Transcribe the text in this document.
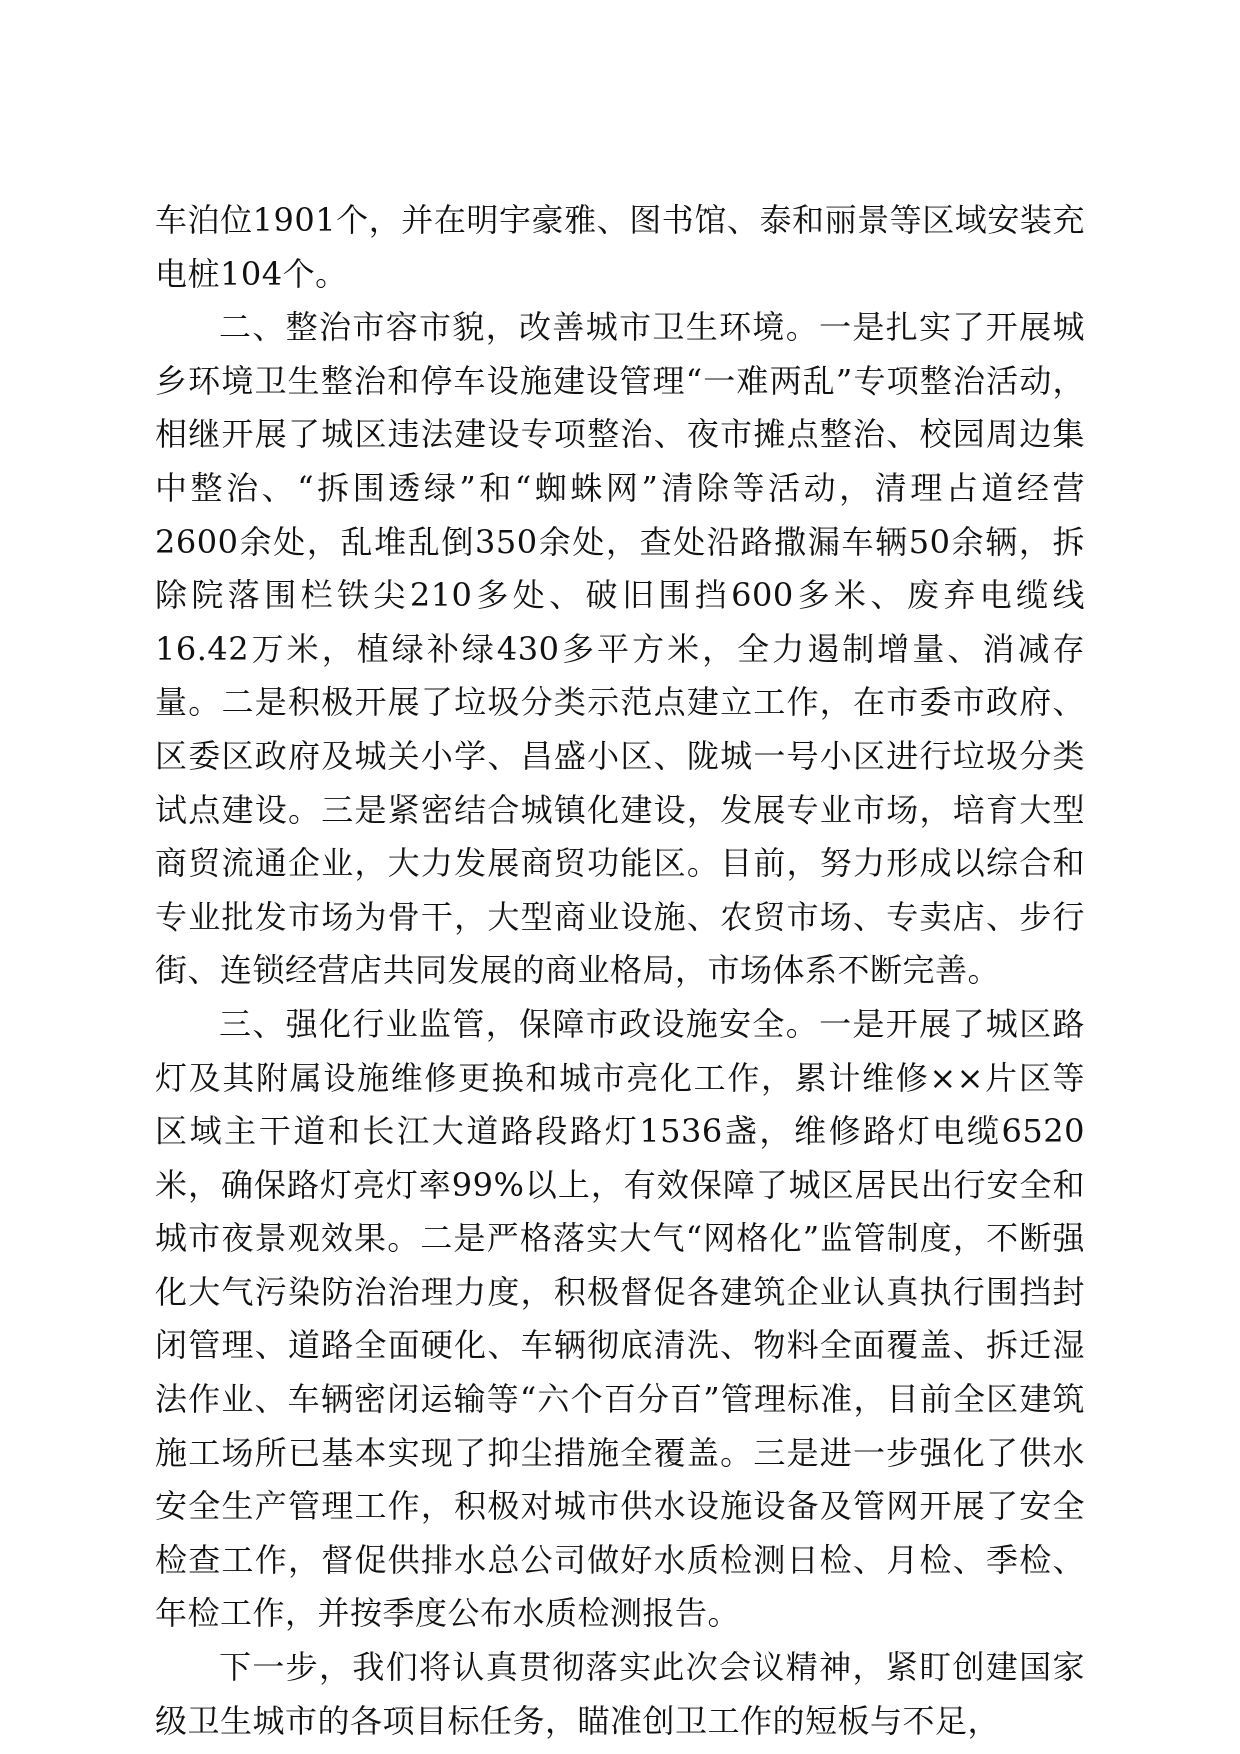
车泊位1901个，并在明宇豪雅、图书馆、泰和丽景等区域安装充电桩104个。

二、整治市容市貌，改善城市卫生环境。一是扎实了开展城乡环境卫生整治和停车设施建设管理“一难两乱”专项整治活动，相继开展了城区违法建设专项整治、夜市摊点整治、校园周边集中整治、“拆围透绿”和“蜘蛛网”清除等活动，清理占道经营2600余处，乱堆乱倒350余处，查处沿路撒漏车辆50余辆，拆除院落围栏铁尖210多处、破旧围挡600多米、废弃电缆线16.42万米，植绿补绿430多平方米，全力遏制增量、消减存量。二是积极开展了垃圾分类示范点建立工作，在市委市政府、区委区政府及城关小学、昌盛小区、陇城一号小区进行垃圾分类试点建设。三是紧密结合城镇化建设，发展专业市场，培育大型商贸流通企业，大力发展商贸功能区。目前，努力形成以综合和专业批发市场为骨干，大型商业设施、农贸市场、专卖店、步行街、连锁经营店共同发展的商业格局，市场体系不断完善。

三、强化行业监管，保障市政设施安全。一是开展了城区路灯及其附属设施维修更换和城市亮化工作，累计维修××片区等区域主干道和长江大道路段路灯1536盏，维修路灯电缆6520米，确保路灯亮灯率99%以上，有效保障了城区居民出行安全和城市夜景观效果。二是严格落实大气“网格化”监管制度，不断强化大气污染防治治理力度，积极督促各建筑企业认真执行围挡封闭管理、道路全面硬化、车辆彻底清洗、物料全面覆盖、拆迁湿法作业、车辆密闭运输等“六个百分百”管理标准，目前全区建筑施工场所已基本实现了抑尘措施全覆盖。三是进一步强化了供水安全生产管理工作，积极对城市供水设施设备及管网开展了安全检查工作，督促供排水总公司做好水质检测日检、月检、季检、年检工作，并按季度公布水质检测报告。

下一步，我们将认真贯彻落实此次会议精神，紧盯创建国家级卫生城市的各项目标任务，瞄准创卫工作的短板与不足，
